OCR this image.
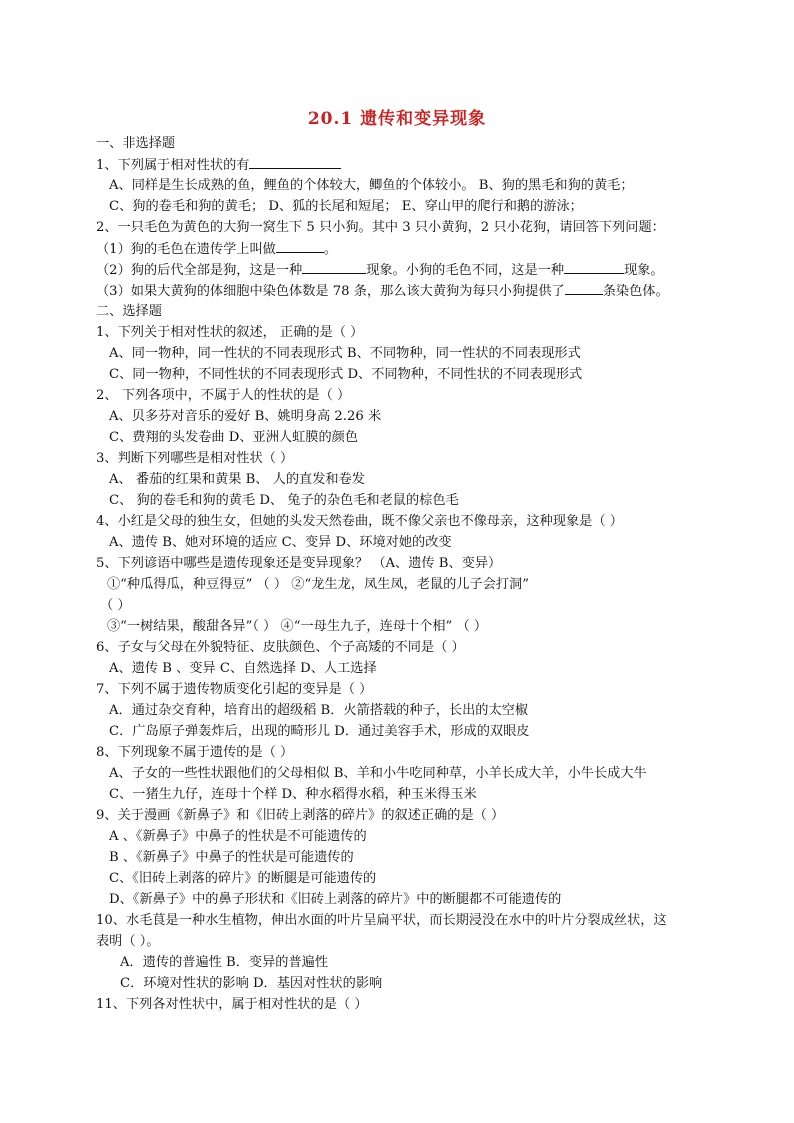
20.1 遗传和变异现象
一、非选择题
1、下列属于相对性状的有
A、同样是生长成熟的鱼，鲤鱼的个体较大，鲫鱼的个体较小。 B、狗的黑毛和狗的黄毛；
C、狗的卷毛和狗的黄毛； D、狐的长尾和短尾； E、穿山甲的爬行和鹅的游泳；
2、一只毛色为黄色的大狗一窝生下 5 只小狗。其中 3 只小黄狗，2 只小花狗，请回答下列问题：
（1）狗的毛色在遗传学上叫做	。
（2）狗的后代全部是狗，这是一种	现象。小狗的毛色不同，这是一种	现象。
（3）如果大黄狗的体细胞中染色体数是 78 条，那么该大黄狗为每只小狗提供了	条染色体。
二、选择题
1、下列关于相对性状的叙述， 正确的是（ ）
A、同一物种，同一性状的不同表现形式 B、不同物种，同一性状的不同表现形式
C、同一物种，不同性状的不同表现形式 D、不同物种，不同性状的不同表现形式
2、 下列各项中，不属于人的性状的是（ ）
A、贝多芬对音乐的爱好 B、姚明身高 2.26 米
C、费翔的头发卷曲 D、亚洲人虹膜的颜色
3、判断下列哪些是相对性状（ ）
A、 番茄的红果和黄果 B、 人的直发和卷发
C、 狗的卷毛和狗的黄毛 D、 兔子的杂色毛和老鼠的棕色毛
4、小红是父母的独生女，但她的头发天然卷曲，既不像父亲也不像母亲，这种现象是（ ）
A、遗传 B、她对环境的适应 C、变异 D、环境对她的改变
5、下列谚语中哪些是遗传现象还是变异现象？ （A、遗传 B、变异）
①“种瓜得瓜，种豆得豆” （ ） ②“龙生龙，凤生凤，老鼠的儿子会打洞”
（ ）
③“一树结果，酸甜各异”（ ） ④“一母生九子，连母十个相” （ ）
6、子女与父母在外貌特征、皮肤颜色、个子高矮的不同是（ ）
A、遗传 B 、变异 C、自然选择 D、人工选择
7、下列不属于遗传物质变化引起的变异是（ ）
A．通过杂交育种，培育出的超级稻 B．火箭搭载的种子，长出的太空椒
C．广岛原子弹轰炸后，出现的畸形儿 D．通过美容手术，形成的双眼皮
8、下列现象不属于遗传的是（ ）
A、子女的一些性状跟他们的父母相似 B、羊和小牛吃同种草，小羊长成大羊，小牛长成大牛
C、一猪生九仔，连母十个样 D、种水稻得水稻，种玉米得玉米
9、关于漫画《新鼻子》和《旧砖上剥落的碎片》的叙述正确的是（ ）
A 、《新鼻子》中鼻子的性状是不可能遗传的
B 、《新鼻子》中鼻子的性状是可能遗传的
C、《旧砖上剥落的碎片》的断腿是可能遗传的
D、《新鼻子》中的鼻子形状和《旧砖上剥落的碎片》中的断腿都不可能遗传的
10、水毛茛是一种水生植物，伸出水面的叶片呈扁平状，而长期浸没在水中的叶片分裂成丝状，这
表明（ ）。
A．遗传的普遍性 B．变异的普遍性
C．环境对性状的影响 D．基因对性状的影响
11、下列各对性状中，属于相对性状的是（ ）
